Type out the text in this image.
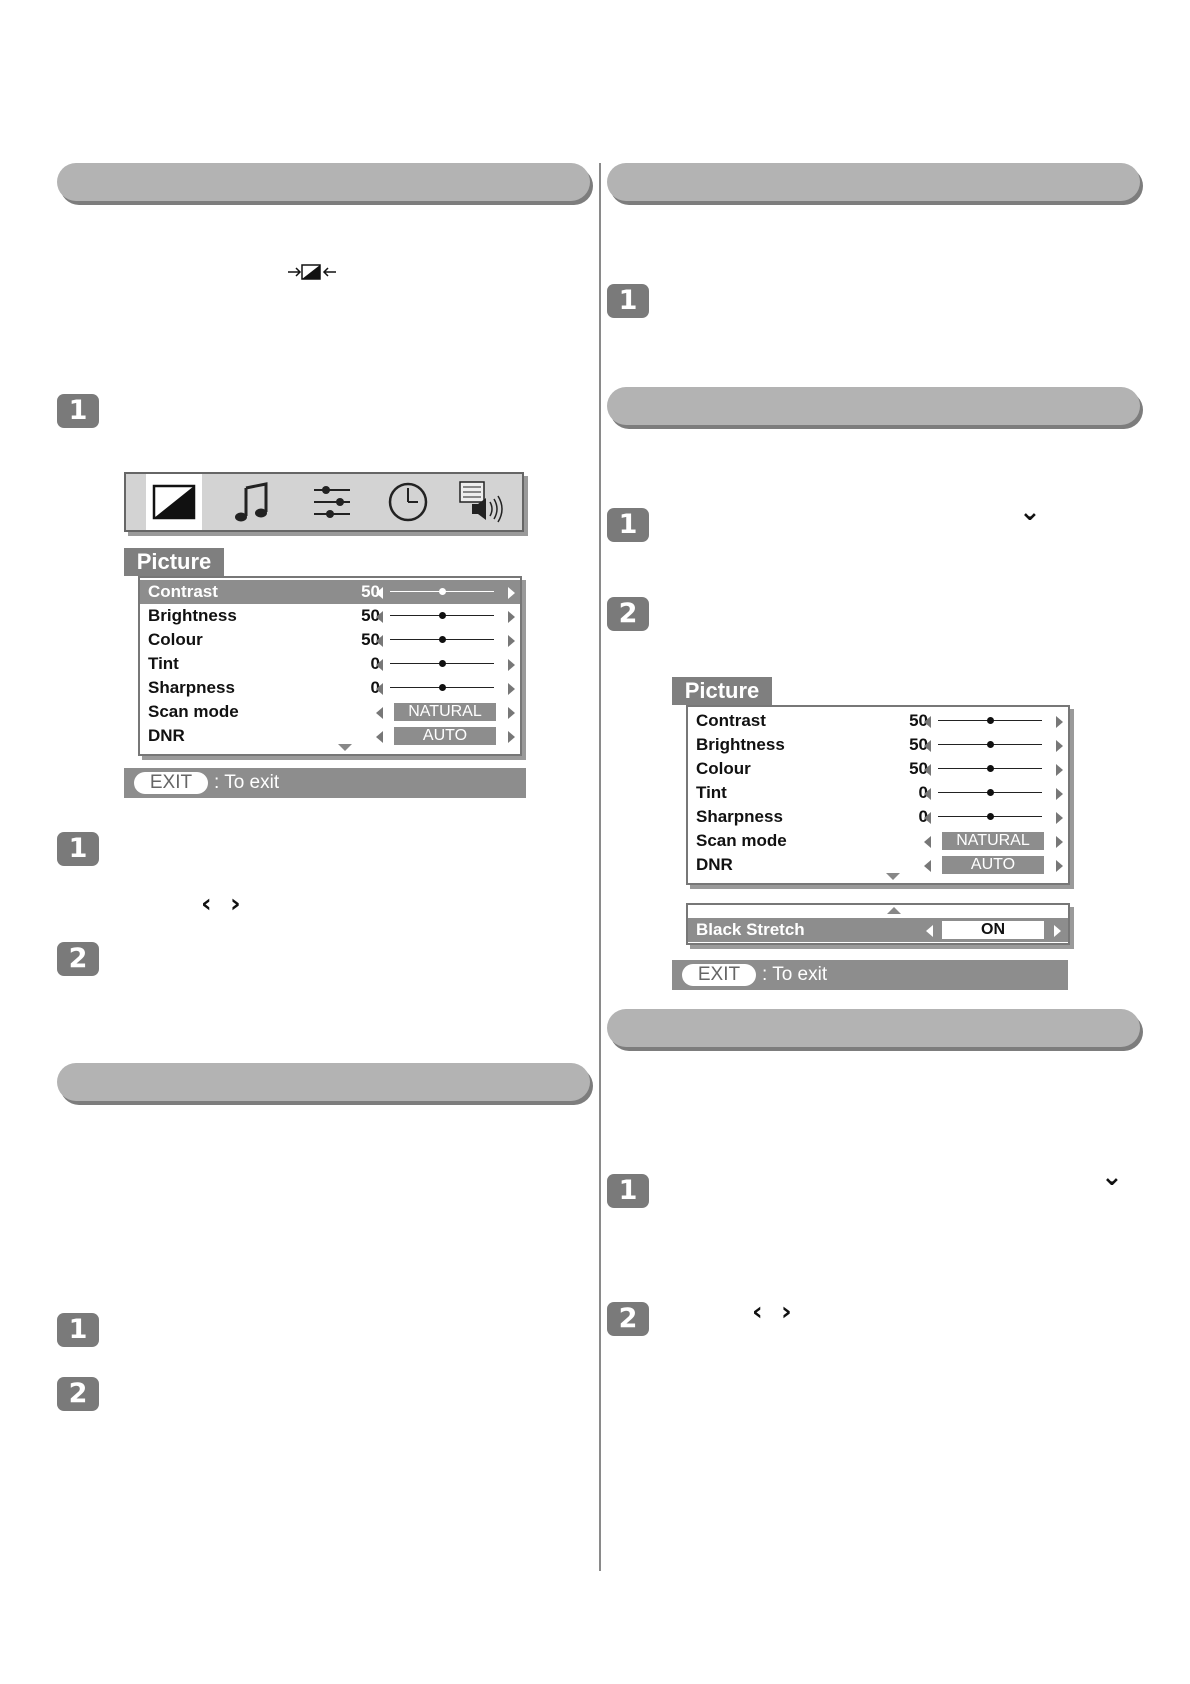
1
1
2
1
2
1
1
2
1
2
‹ ›
⌄
⌄
‹ ›
Picture
Contrast	50
Brightness	50
Colour	50
Tint	0
Sharpness	0
Scan mode	NATURAL
DNR	AUTO
EXIT	: To exit
Picture
Contrast	50
Brightness	50
Colour	50
Tint	0
Sharpness	0
Scan mode	NATURAL
DNR	AUTO
Black Stretch	ON
EXIT	: To exit
